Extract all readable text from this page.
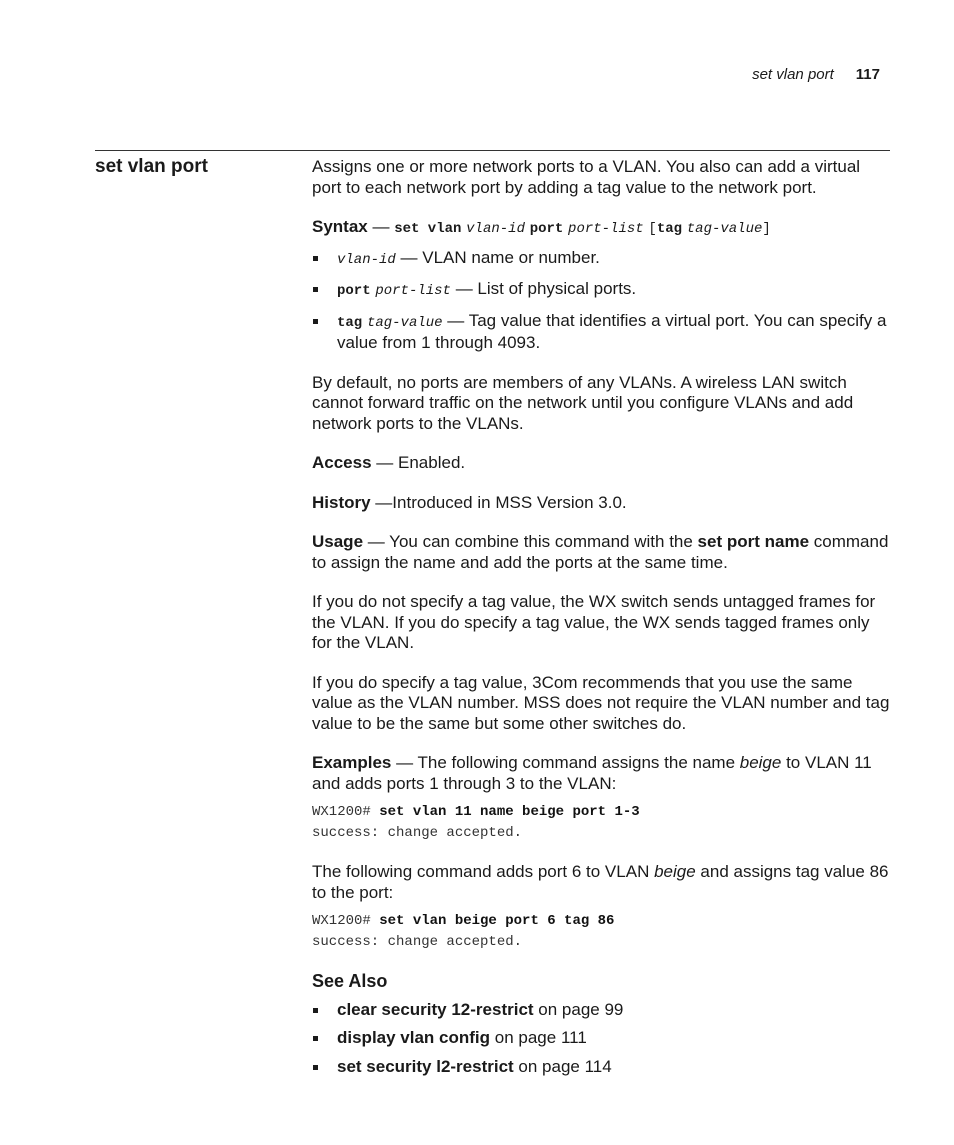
set vlan port 117
set vlan port	Assigns one or more network ports to a VLAN. You also can add a virtual port to each network port by adding a tag value to the network port.

Syntax — set vlan vlan-id port port-list [tag tag-value]

vlan-id — VLAN name or number.
port port-list — List of physical ports.
tag tag-value — Tag value that identifies a virtual port. You can specify a value from 1 through 4093.

By default, no ports are members of any VLANs. A wireless LAN switch cannot forward traffic on the network until you configure VLANs and add network ports to the VLANs.

Access — Enabled.

History —Introduced in MSS Version 3.0.

Usage — You can combine this command with the set port name command to assign the name and add the ports at the same time.

If you do not specify a tag value, the WX switch sends untagged frames for the VLAN. If you do specify a tag value, the WX sends tagged frames only for the VLAN.

If you do specify a tag value, 3Com recommends that you use the same value as the VLAN number. MSS does not require the VLAN number and tag value to be the same but some other switches do.

Examples — The following command assigns the name beige to VLAN 11 and adds ports 1 through 3 to the VLAN:

WX1200# set vlan 11 name beige port 1-3
success: change accepted.

The following command adds port 6 to VLAN beige and assigns tag value 86 to the port:

WX1200# set vlan beige port 6 tag 86
success: change accepted.
See Also
clear security 12-restrict on page 99
display vlan config on page 111
set security l2-restrict on page 114
